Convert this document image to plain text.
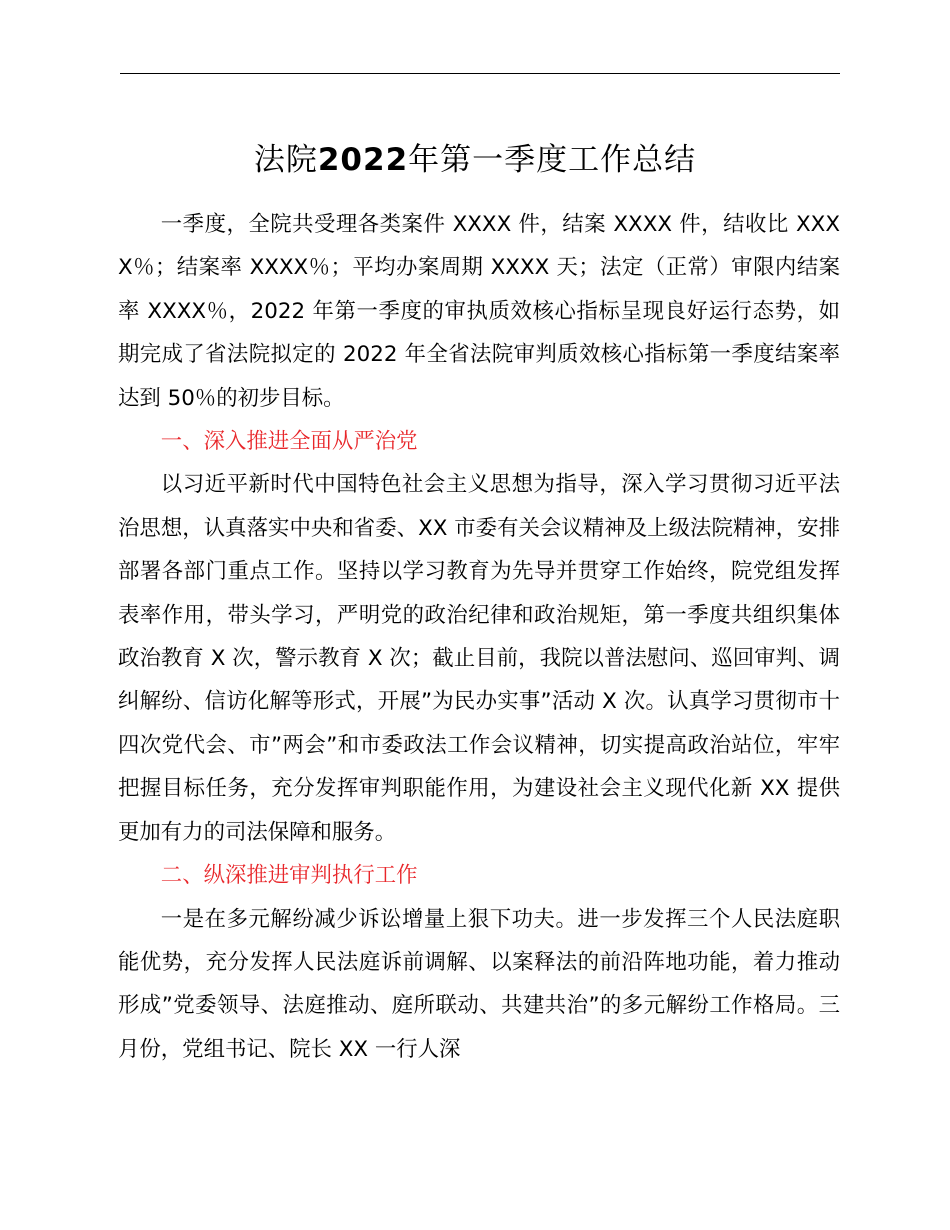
法院2022年第一季度工作总结

一季度，全院共受理各类案件 XXXX 件，结案 XXXX 件，结收比 XXXX％；结案率 XXXX％；平均办案周期 XXXX 天；法定（正常）审限内结案率 XXXX％，2022 年第一季度的审执质效核心指标呈现良好运行态势，如期完成了省法院拟定的 2022 年全省法院审判质效核心指标第一季度结案率达到 50％的初步目标。

一、深入推进全面从严治党

以习近平新时代中国特色社会主义思想为指导，深入学习贯彻习近平法治思想，认真落实中央和省委、XX 市委有关会议精神及上级法院精神，安排部署各部门重点工作。坚持以学习教育为先导并贯穿工作始终，院党组发挥表率作用，带头学习，严明党的政治纪律和政治规矩，第一季度共组织集体政治教育 X 次，警示教育 X 次；截止目前，我院以普法慰问、巡回审判、调纠解纷、信访化解等形式，开展”为民办实事”活动 X 次。认真学习贯彻市十四次党代会、市”两会”和市委政法工作会议精神，切实提高政治站位，牢牢把握目标任务，充分发挥审判职能作用，为建设社会主义现代化新 XX 提供更加有力的司法保障和服务。

二、纵深推进审判执行工作

一是在多元解纷减少诉讼增量上狠下功夫。进一步发挥三个人民法庭职能优势，充分发挥人民法庭诉前调解、以案释法的前沿阵地功能，着力推动形成”党委领导、法庭推动、庭所联动、共建共治”的多元解纷工作格局。三月份，党组书记、院长 XX 一行人深
